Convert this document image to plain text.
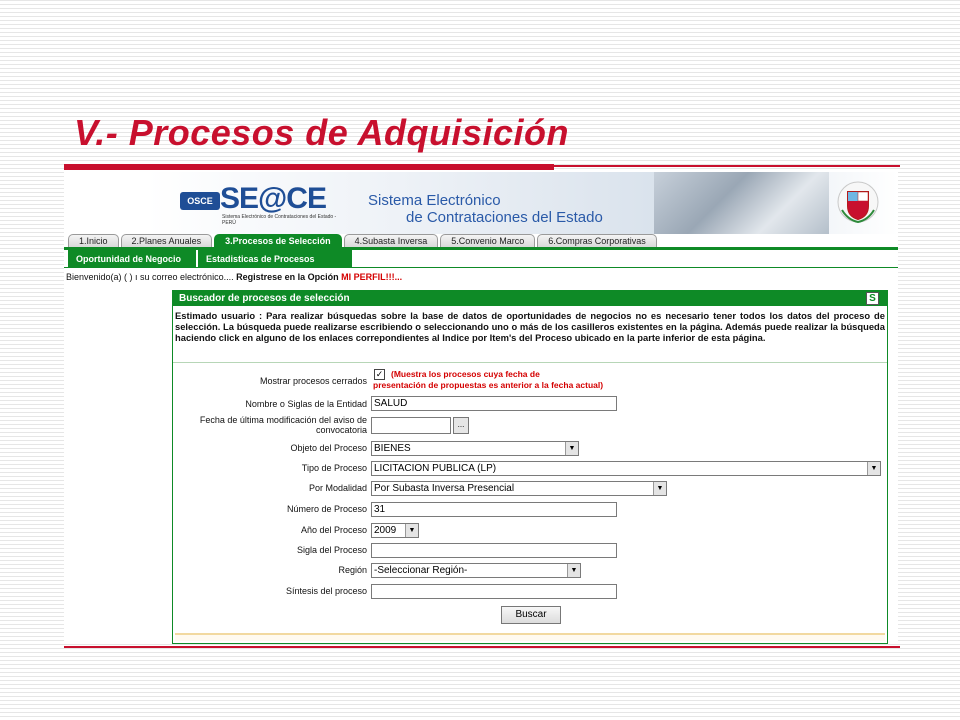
V.- Procesos de Adquisición
OSCE SE@CE
Sistema Electrónico de Contrataciones del Estado - PERÚ
Sistema Electrónico
de Contrataciones del Estado
1.Inicio	2.Planes Anuales	3.Procesos de Selección	4.Subasta Inversa	5.Convenio Marco	6.Compras Corporativas
Oportunidad de Negocio	Estadisticas de Procesos
Bienvenido(a) ( ) ı su correo electrónico.... Registrese en la Opción MI PERFIL!!!...
Buscador de procesos de selección	S
Estimado usuario : Para realizar búsquedas sobre la base de datos de oportunidades de negocios no es necesario tener todos los datos del proceso de selección. La búsqueda puede realizarse escribiendo o seleccionando uno o más de los casilleros existentes en la página. Además puede realizar la búsqueda haciendo click en alguno de los enlaces correpondientes al Indice por Item's del Proceso ubicado en la parte inferior de esta página.
Mostrar procesos cerrados
✓ (Muestra los procesos cuya fecha de
presentación de propuestas es anterior a la fecha actual)
Nombre o Siglas de la Entidad SALUD
Fecha de última modificación del aviso de
convocatoria
...
Objeto del Proceso BIENES	▼
Tipo de Proceso LICITACION PUBLICA (LP)	▼
Por Modalidad Por Subasta Inversa Presencial	▼
Número de Proceso 31
Año del Proceso 2009	▼
Sigla del Proceso
Región -Seleccionar Región-	▼
Síntesis del proceso
Buscar
